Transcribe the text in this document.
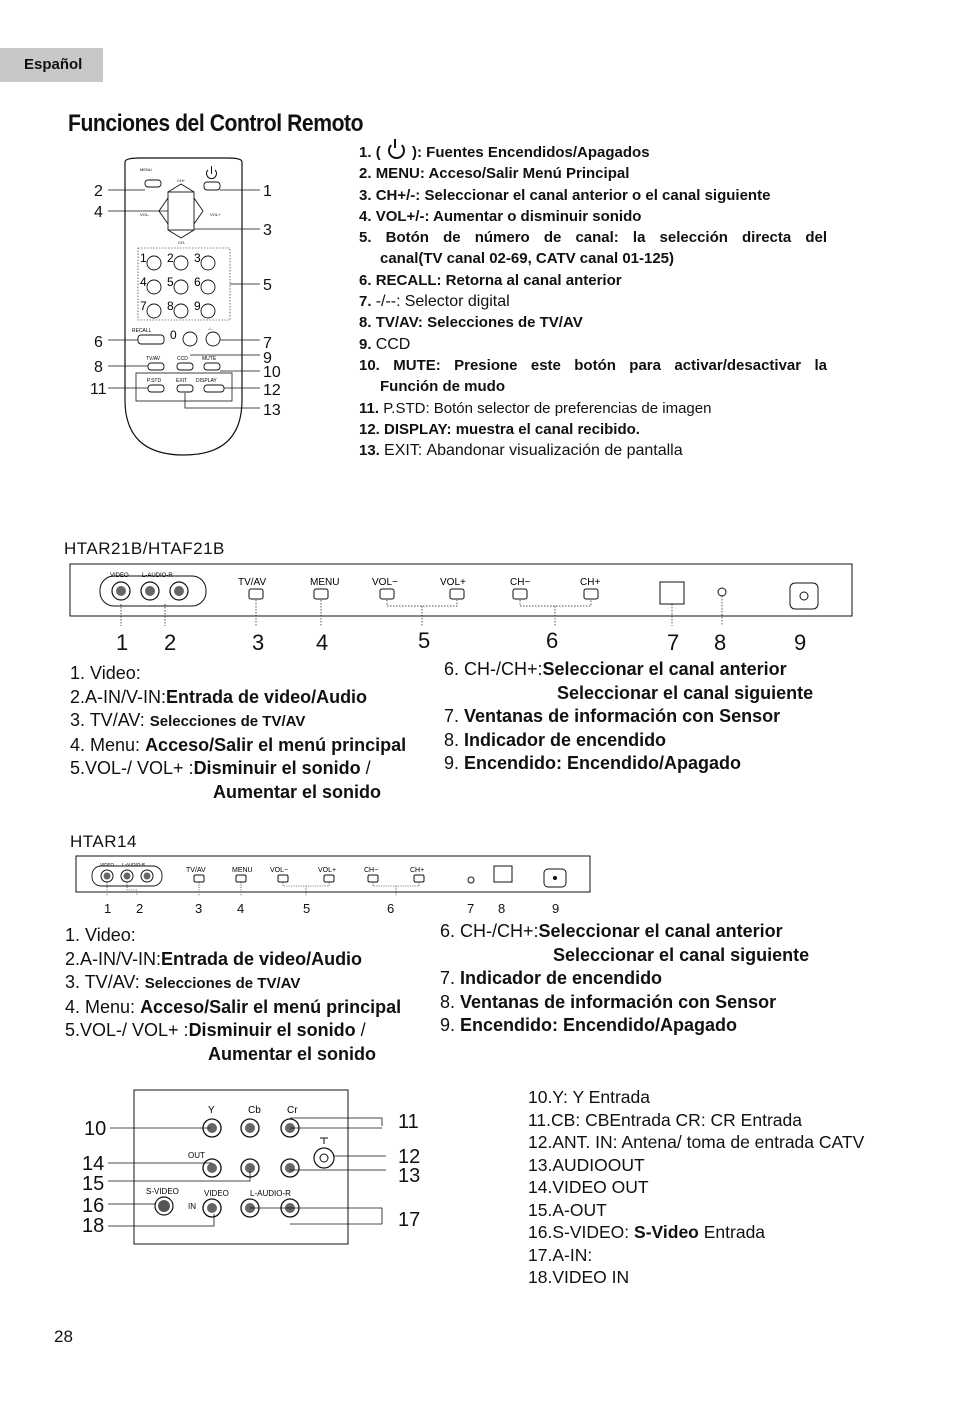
Español
Funciones del Control Remoto
MENU
CH+
VOL-	VOL+
CH-
1 2 3
4 5 6
7 8 9
RECALL 0	-/--
TV/AV	CCD	MUTE
P.STD	EXIT DISPLAY
2
4
1
3
5
6	7
8
9
10
11	12
13
1. (  ): Fuentes Encendidos/Apagados
2. MENU: Acceso/Salir Menú Principal
3. CH+/-: Seleccionar el canal anterior o el canal siguiente
4. VOL+/-: Aumentar o disminuir sonido
5. Botón de número de canal: la selección directa del
canal(TV canal 02-69, CATV canal 01-125)
6. RECALL: Retorna al canal anterior
7. -/--: Selector digital
8. TV/AV: Selecciones de TV/AV
9. CCD
10. MUTE: Presione este botón para activar/desactivar la
Función de mudo
11. P.STD: Botón selector de preferencias de imagen
12. DISPLAY: muestra el canal recibido.
13. EXIT: Abandonar visualización de pantalla
HTAR21B/HTAF21B
VIDEO L-AUDIO-R
TV/AV	MENU	VOL−	VOL+	CH−	CH+
1 2	3 4	5	6	7 8	9
1. Video:
2.A-IN/V-IN:Entrada de video/Audio
3. TV/AV: Selecciones de TV/AV
4. Menu: Acceso/Salir el menú principal
5.VOL-/ VOL+ :Disminuir el sonido /
Aumentar el sonido
6. CH-/CH+:Seleccionar el canal anterior
Seleccionar el canal siguiente
7. Ventanas de información con Sensor
8. Indicador de encendido
9. Encendido: Encendido/Apagado
HTAR14
VIDEO L-AUDIO-R
TV/AV	MENU VOL−	VOL+	CH−	CH+
1 2	3	4	5	6	7 8	9
1. Video:
2.A-IN/V-IN:Entrada de video/Audio
3. TV/AV: Selecciones de TV/AV
4. Menu: Acceso/Salir el menú principal
5.VOL-/ VOL+ :Disminuir el sonido /
Aumentar el sonido
6. CH-/CH+:Seleccionar el canal anterior
Seleccionar el canal siguiente
7. Indicador de encendido
8. Ventanas de información con Sensor
9. Encendido: Encendido/Apagado
Y	Cb	Cr
OUT
S-VIDEO	VIDEO
IN
L-AUDIO-R
10	11
12
13
14
15
16
17
18
10.Y: Y Entrada
11.CB: CBEntrada CR: CR Entrada
12.ANT. IN: Antena/ toma de entrada CATV
13.AUDIOOUT
14.VIDEO OUT
15.A-OUT
16.S-VIDEO: S-Video Entrada
17.A-IN:
18.VIDEO IN
28
